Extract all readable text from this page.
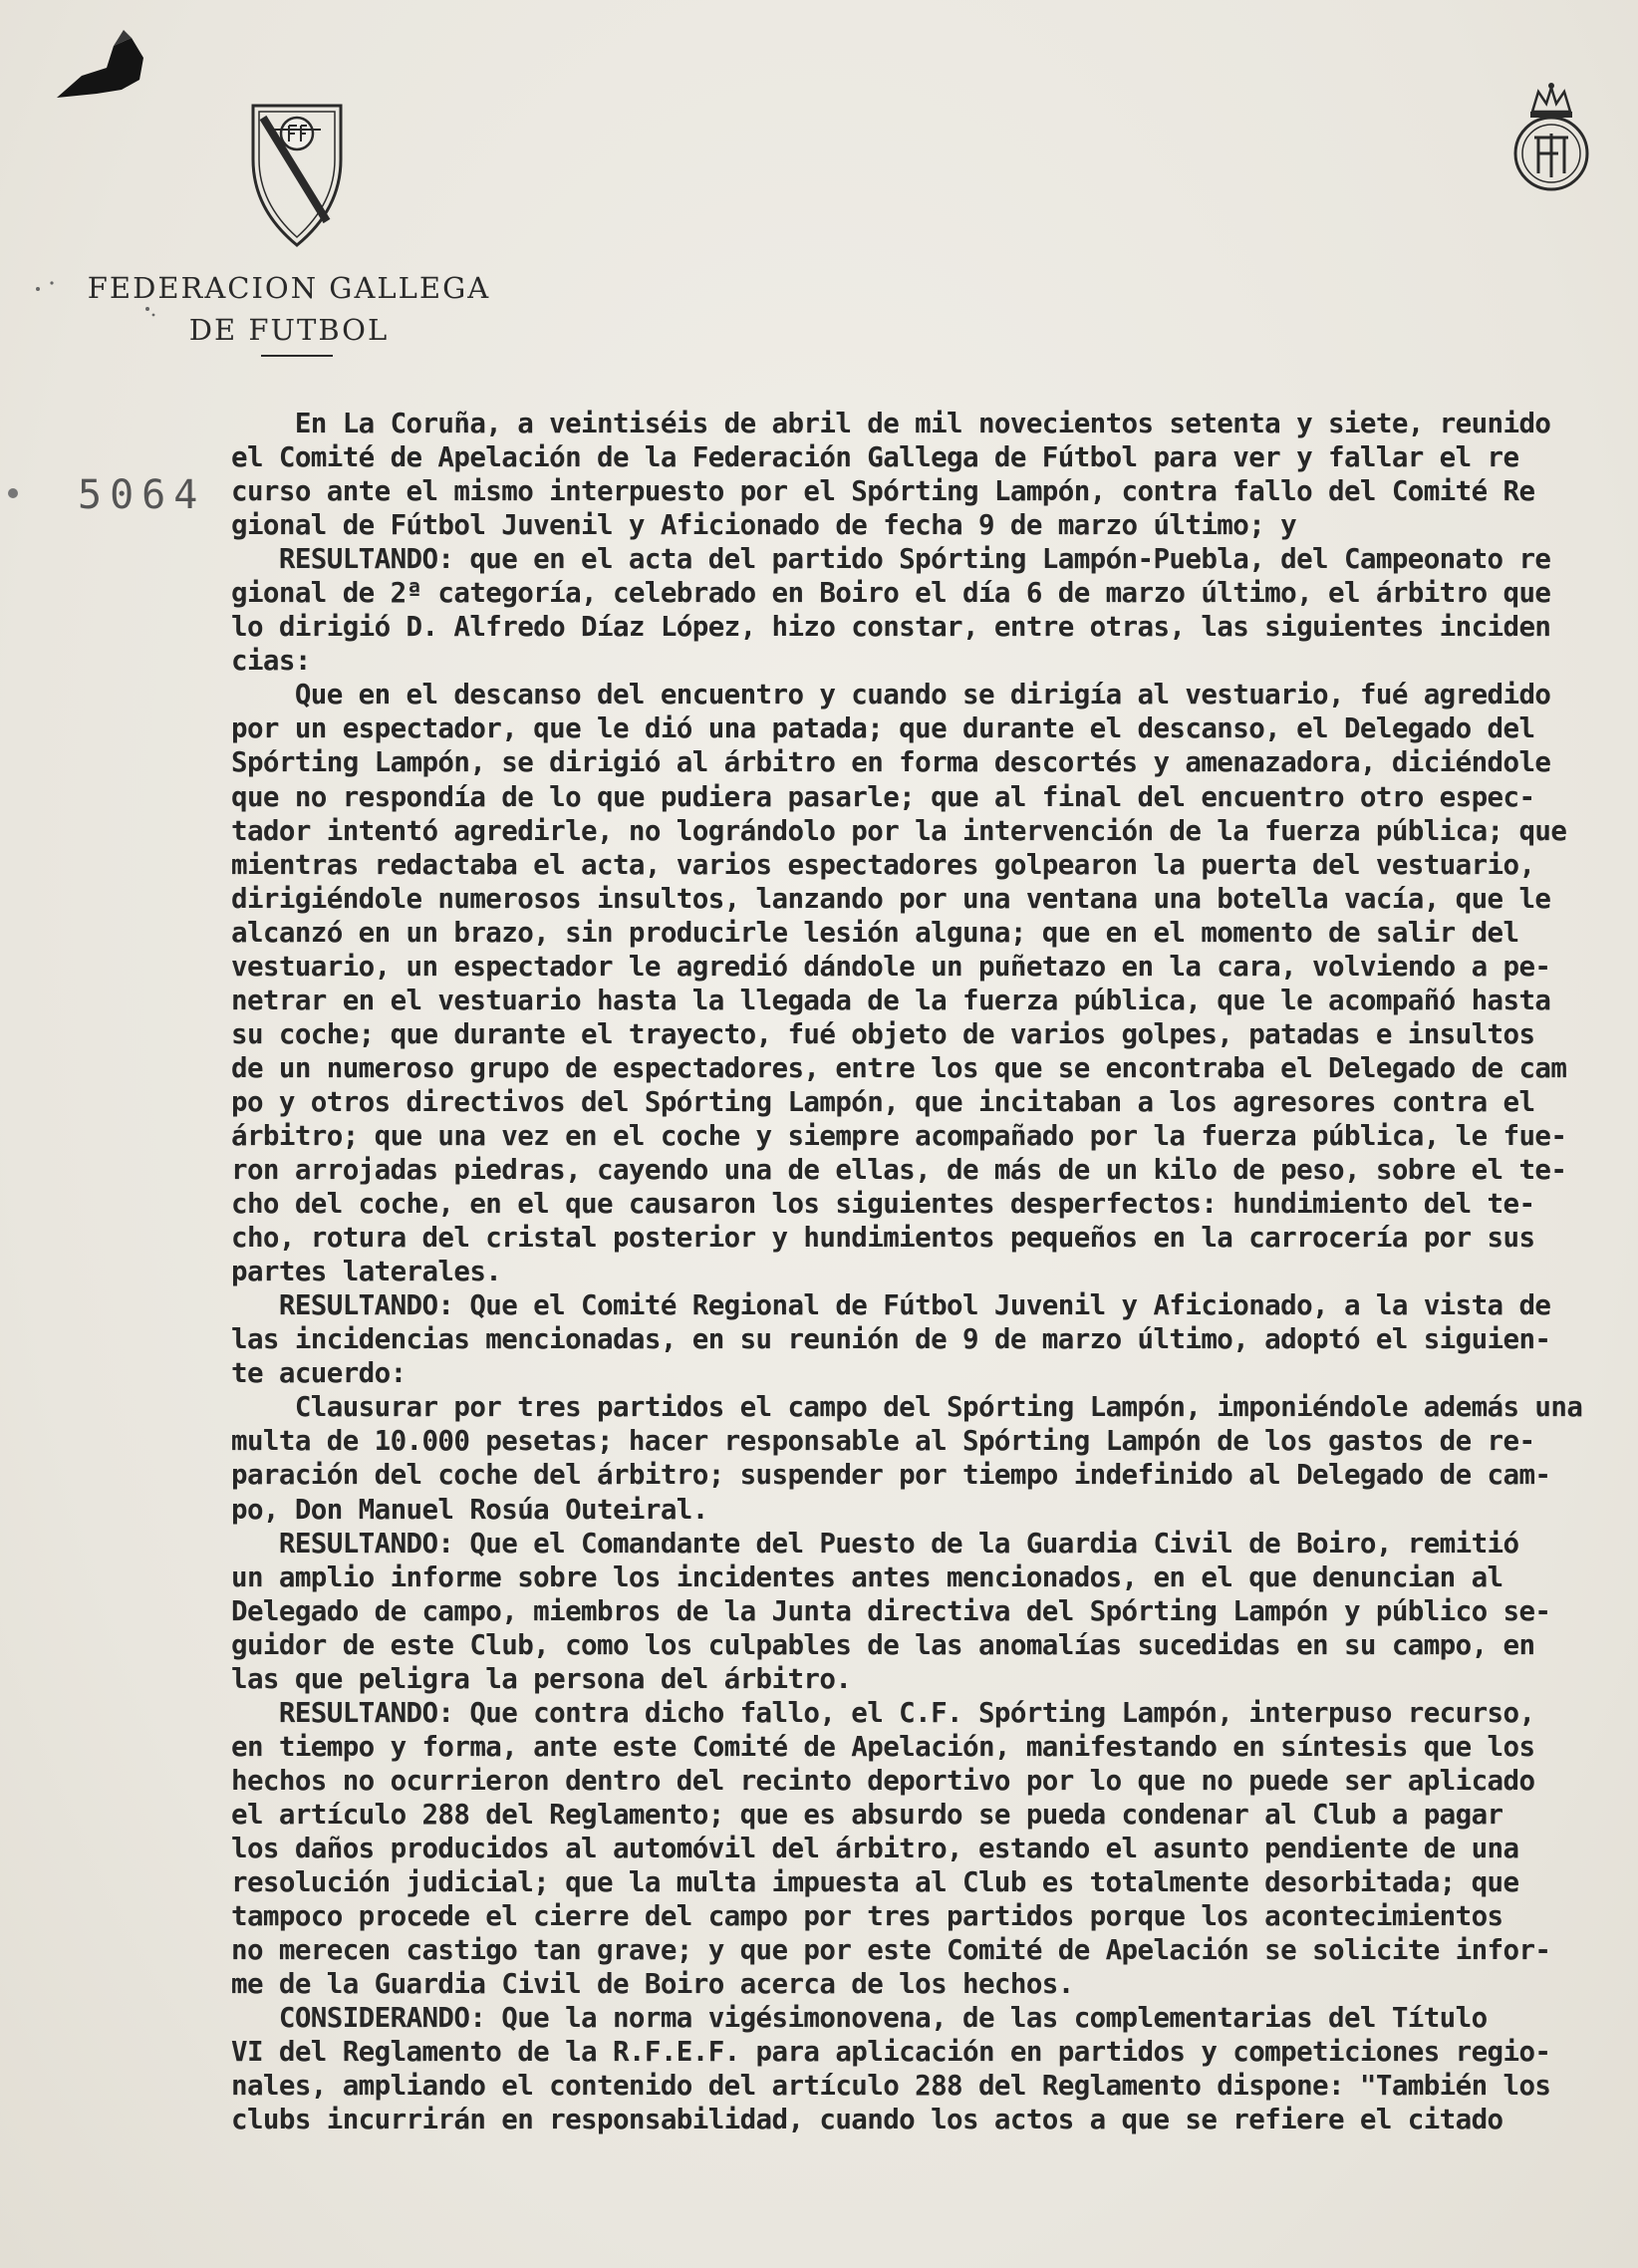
FEDERACION GALLEGA
DE FUTBOL
5064
En La Coruña, a veintiséis de abril de mil novecientos setenta y siete, reunido
el Comité de Apelación de la Federación Gallega de Fútbol para ver y fallar el re
curso ante el mismo interpuesto por el Spórting Lampón, contra fallo del Comité Re
gional de Fútbol Juvenil y Aficionado de fecha 9 de marzo último; y
RESULTANDO: que en el acta del partido Spórting Lampón-Puebla, del Campeonato re
gional de 2ª categoría, celebrado en Boiro el día 6 de marzo último, el árbitro que
lo dirigió D. Alfredo Díaz López, hizo constar, entre otras, las siguientes inciden
cias:
Que en el descanso del encuentro y cuando se dirigía al vestuario, fué agredido
por un espectador, que le dió una patada; que durante el descanso, el Delegado del
Spórting Lampón, se dirigió al árbitro en forma descortés y amenazadora, diciéndole
que no respondía de lo que pudiera pasarle; que al final del encuentro otro espec-
tador intentó agredirle, no lográndolo por la intervención de la fuerza pública; que
mientras redactaba el acta, varios espectadores golpearon la puerta del vestuario,
dirigiéndole numerosos insultos, lanzando por una ventana una botella vacía, que le
alcanzó en un brazo, sin producirle lesión alguna; que en el momento de salir del
vestuario, un espectador le agredió dándole un puñetazo en la cara, volviendo a pe-
netrar en el vestuario hasta la llegada de la fuerza pública, que le acompañó hasta
su coche; que durante el trayecto, fué objeto de varios golpes, patadas e insultos
de un numeroso grupo de espectadores, entre los que se encontraba el Delegado de cam
po y otros directivos del Spórting Lampón, que incitaban a los agresores contra el
árbitro; que una vez en el coche y siempre acompañado por la fuerza pública, le fue-
ron arrojadas piedras, cayendo una de ellas, de más de un kilo de peso, sobre el te-
cho del coche, en el que causaron los siguientes desperfectos: hundimiento del te-
cho, rotura del cristal posterior y hundimientos pequeños en la carrocería por sus
partes laterales.
RESULTANDO: Que el Comité Regional de Fútbol Juvenil y Aficionado, a la vista de
las incidencias mencionadas, en su reunión de 9 de marzo último, adoptó el siguien-
te acuerdo:
Clausurar por tres partidos el campo del Spórting Lampón, imponiéndole además una
multa de 10.000 pesetas; hacer responsable al Spórting Lampón de los gastos de re-
paración del coche del árbitro; suspender por tiempo indefinido al Delegado de cam-
po, Don Manuel Rosúa Outeiral.
RESULTANDO: Que el Comandante del Puesto de la Guardia Civil de Boiro, remitió
un amplio informe sobre los incidentes antes mencionados, en el que denuncian al
Delegado de campo, miembros de la Junta directiva del Spórting Lampón y público se-
guidor de este Club, como los culpables de las anomalías sucedidas en su campo, en
las que peligra la persona del árbitro.
RESULTANDO: Que contra dicho fallo, el C.F. Spórting Lampón, interpuso recurso,
en tiempo y forma, ante este Comité de Apelación, manifestando en síntesis que los
hechos no ocurrieron dentro del recinto deportivo por lo que no puede ser aplicado
el artículo 288 del Reglamento; que es absurdo se pueda condenar al Club a pagar
los daños producidos al automóvil del árbitro, estando el asunto pendiente de una
resolución judicial; que la multa impuesta al Club es totalmente desorbitada; que
tampoco procede el cierre del campo por tres partidos porque los acontecimientos
no merecen castigo tan grave; y que por este Comité de Apelación se solicite infor-
me de la Guardia Civil de Boiro acerca de los hechos.
CONSIDERANDO: Que la norma vigésimonovena, de las complementarias del Título
VI del Reglamento de la R.F.E.F. para aplicación en partidos y competiciones regio-
nales, ampliando el contenido del artículo 288 del Reglamento dispone: "También los
clubs incurrirán en responsabilidad, cuando los actos a que se refiere el citado
